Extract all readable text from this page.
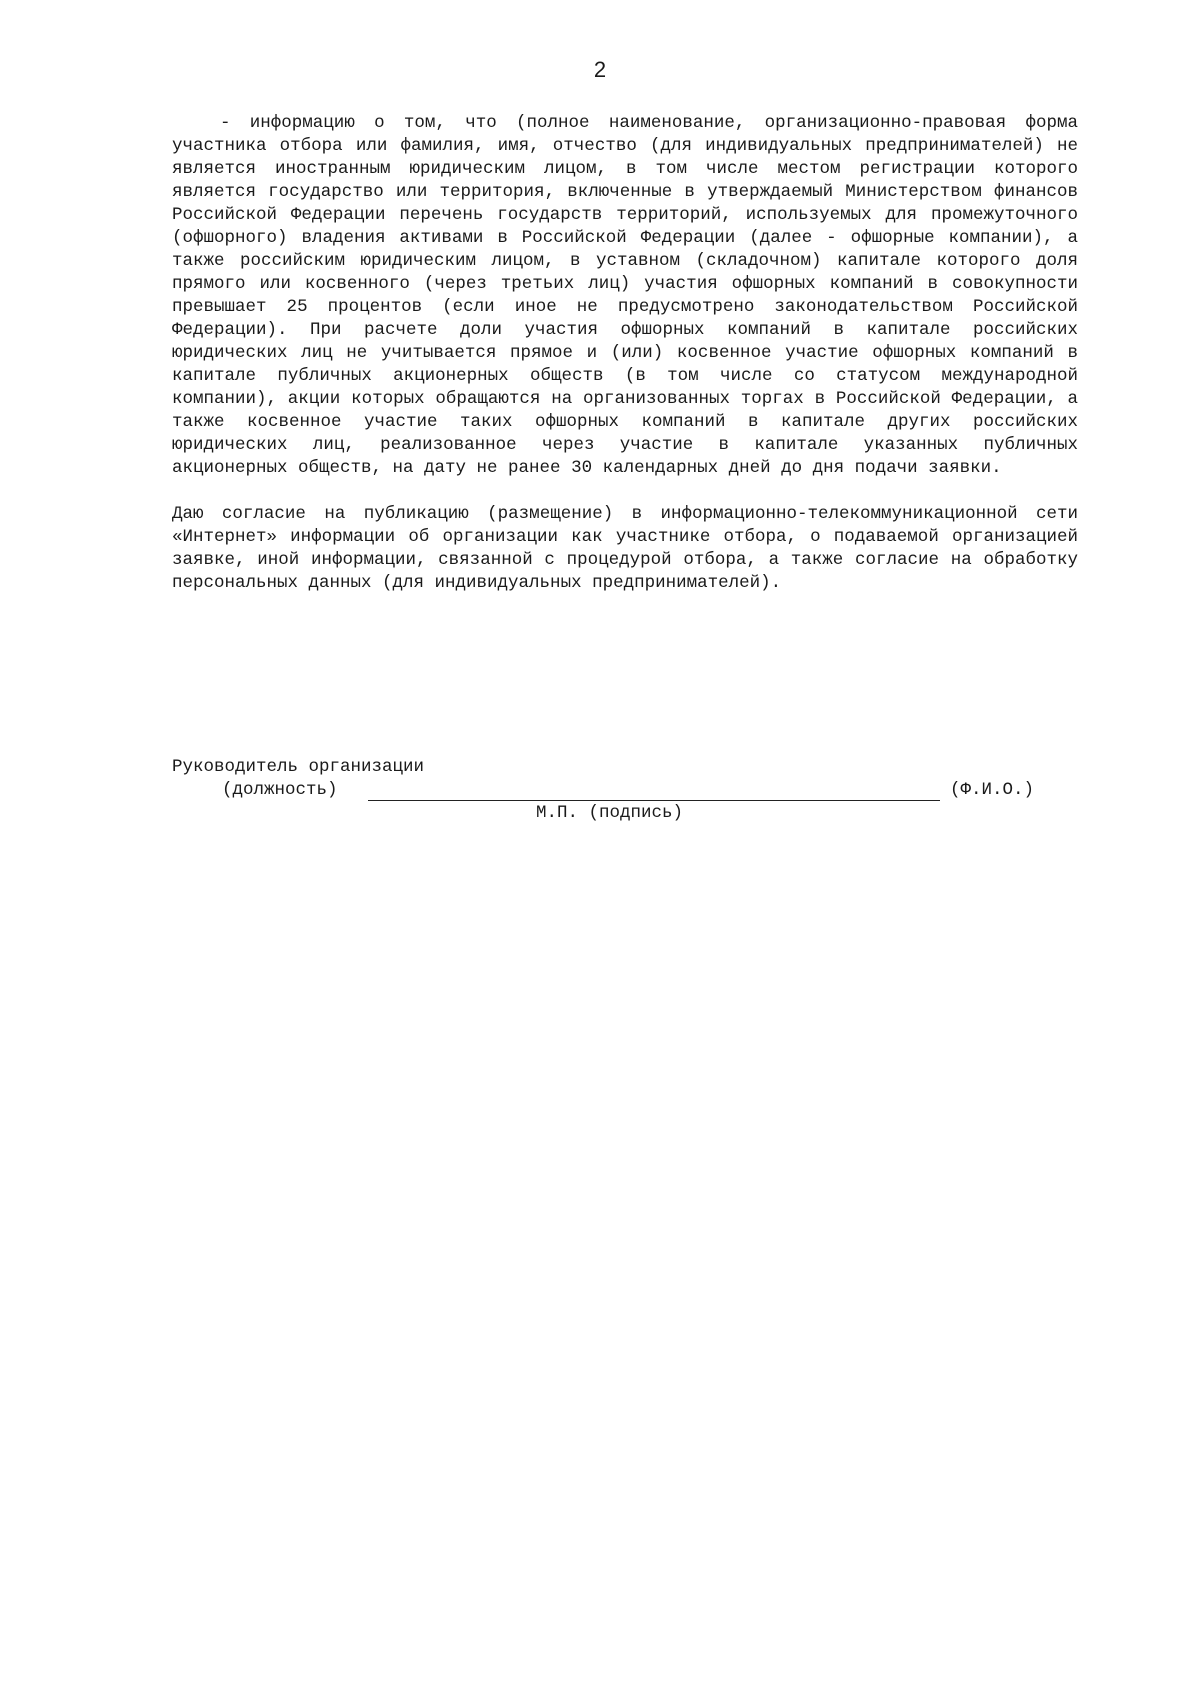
2

- информацию о том, что (полное наименование, организационно-правовая форма участника отбора или фамилия, имя, отчество (для индивидуальных предпринимателей) не является иностранным юридическим лицом, в том числе местом регистрации которого является государство или территория, включенные в утверждаемый Министерством финансов Российской Федерации перечень государств территорий, используемых для промежуточного (офшорного) владения активами в Российской Федерации (далее - офшорные компании), а также российским юридическим лицом, в уставном (складочном) капитале которого доля прямого или косвенного (через третьих лиц) участия офшорных компаний в совокупности превышает 25 процентов (если иное не предусмотрено законодательством Российской Федерации). При расчете доли участия офшорных компаний в капитале российских юридических лиц не учитывается прямое и (или) косвенное участие офшорных компаний в капитале публичных акционерных обществ (в том числе со статусом международной компании), акции которых обращаются на организованных торгах в Российской Федерации, а также косвенное участие таких офшорных компаний в капитале других российских юридических лиц, реализованное через участие в капитале указанных публичных акционерных обществ, на дату не ранее 30 календарных дней до дня подачи заявки.

Даю согласие на публикацию (размещение) в информационно-телекоммуникационной сети «Интернет» информации об организации как участнике отбора, о подаваемой организацией заявке, иной информации, связанной с процедурой отбора, а также согласие на обработку персональных данных (для индивидуальных предпринимателей).

Руководитель организации
(должность)	(Ф.И.О.)
М.П. (подпись)
